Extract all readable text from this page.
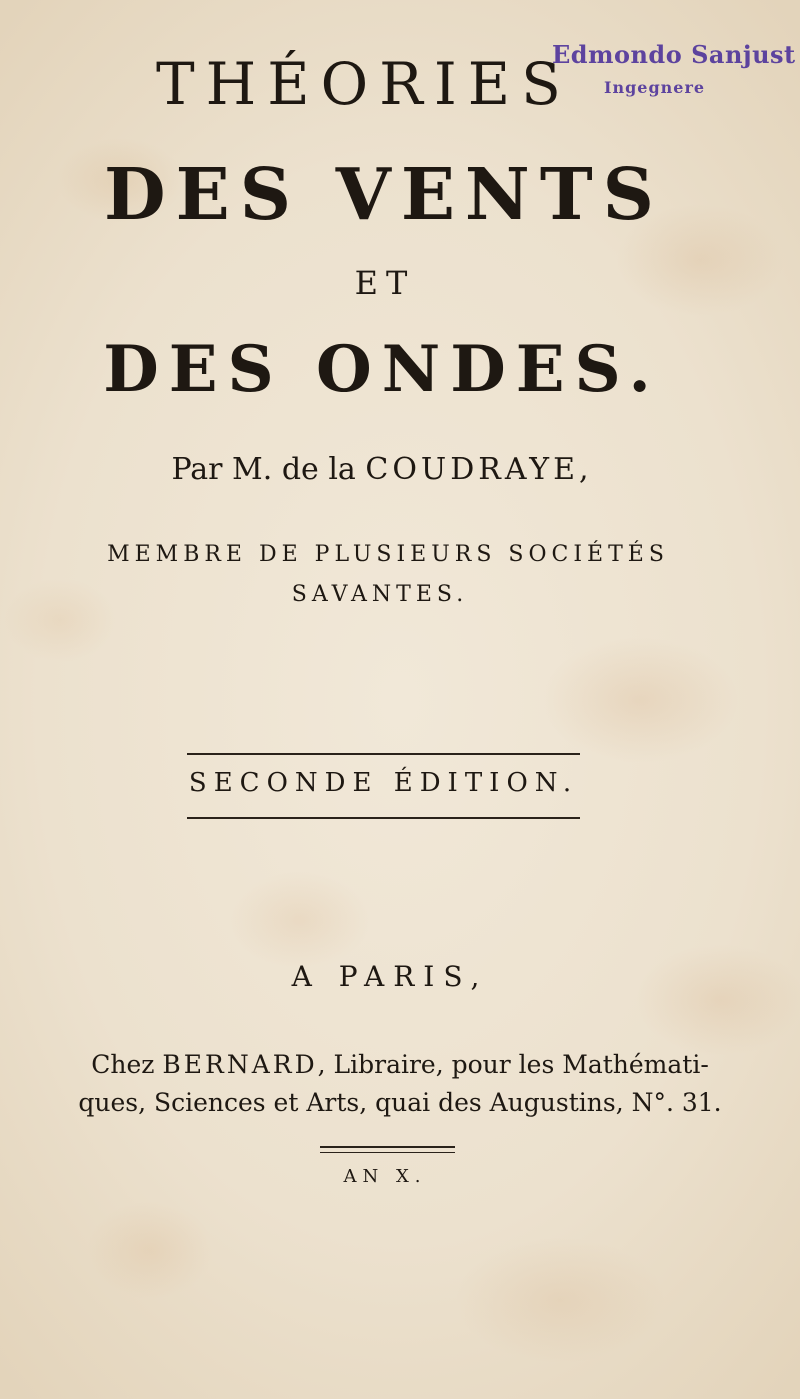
Edmondo Sanjust
Ingegnere
THÉORIES
DES VENTS
ET
DES ONDES.
Par M. de la COUDRAYE,
MEMBRE DE PLUSIEURS SOCIÉTÉS
SAVANTES.
SECONDE ÉDITION.
A PARIS,
Chez BERNARD, Libraire, pour les Mathémati-
ques, Sciences et Arts, quai des Augustins, N°. 31.
AN X.
